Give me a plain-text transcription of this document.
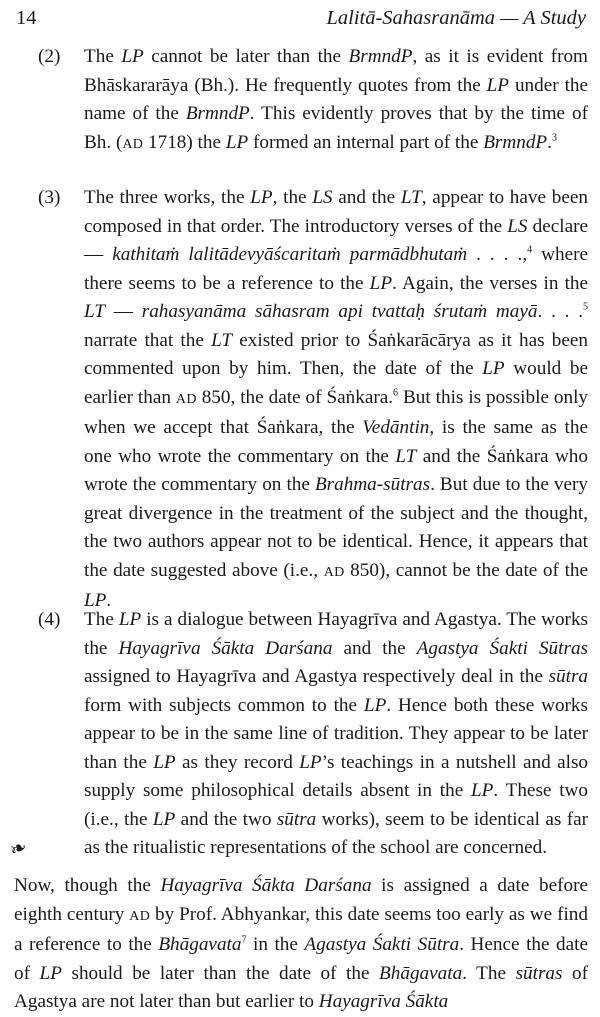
14	Lalitā-Sahasranāma — A Study
(2) The LP cannot be later than the BrmndP, as it is evident from Bhāskararāya (Bh.). He frequently quotes from the LP under the name of the BrmndP. This evidently proves that by the time of Bh. (AD 1718) the LP formed an internal part of the BrmndP.$^3$

(3) The three works, the LP, the LS and the LT, appear to have been composed in that order. The introductory verses of the LS declare — kathitaṁ lalitādevyāścaritaṁ parmādbhutaṁ . . . .,$^4$ where there seems to be a reference to the LP. Again, the verses in the LT — rahasyanāma sāhasram api tvattaḥ śrutaṁ mayā. . . .$^5$ narrate that the LT existed prior to Śaṅkarācārya as it has been commented upon by him. Then, the date of the LP would be earlier than AD 850, the date of Śaṅkara.$^6$ But this is possible only when we accept that Śaṅkara, the Vedāntin, is the same as the one who wrote the commentary on the LT and the Śaṅkara who wrote the commentary on the Brahma-sūtras. But due to the very great divergence in the treatment of the subject and the thought, the two authors appear not to be identical. Hence, it appears that the date suggested above (i.e., AD 850), cannot be the date of the LP.

(4) The LP is a dialogue between Hayagrīva and Agastya. The works the Hayagrīva Śākta Darśana and the Agastya Śakti Sūtras assigned to Hayagrīva and Agastya respectively deal in the sūtra form with subjects common to the LP. Hence both these works appear to be in the same line of tradition. They appear to be later than the LP as they record LP’s teachings in a nutshell and also supply some philosophical details absent in the LP. These two (i.e., the LP and the two sūtra works), seem to be identical as far as the ritualistic representations of the school are concerned.

❧

Now, though the Hayagrīva Śākta Darśana is assigned a date before eighth century AD by Prof. Abhyankar, this date seems too early as we find a reference to the Bhāgavata$^7$ in the Agastya Śakti Sūtra. Hence the date of LP should be later than the date of the Bhāgavata. The sūtras of Agastya are not later than but earlier to Hayagrīva Śākta
